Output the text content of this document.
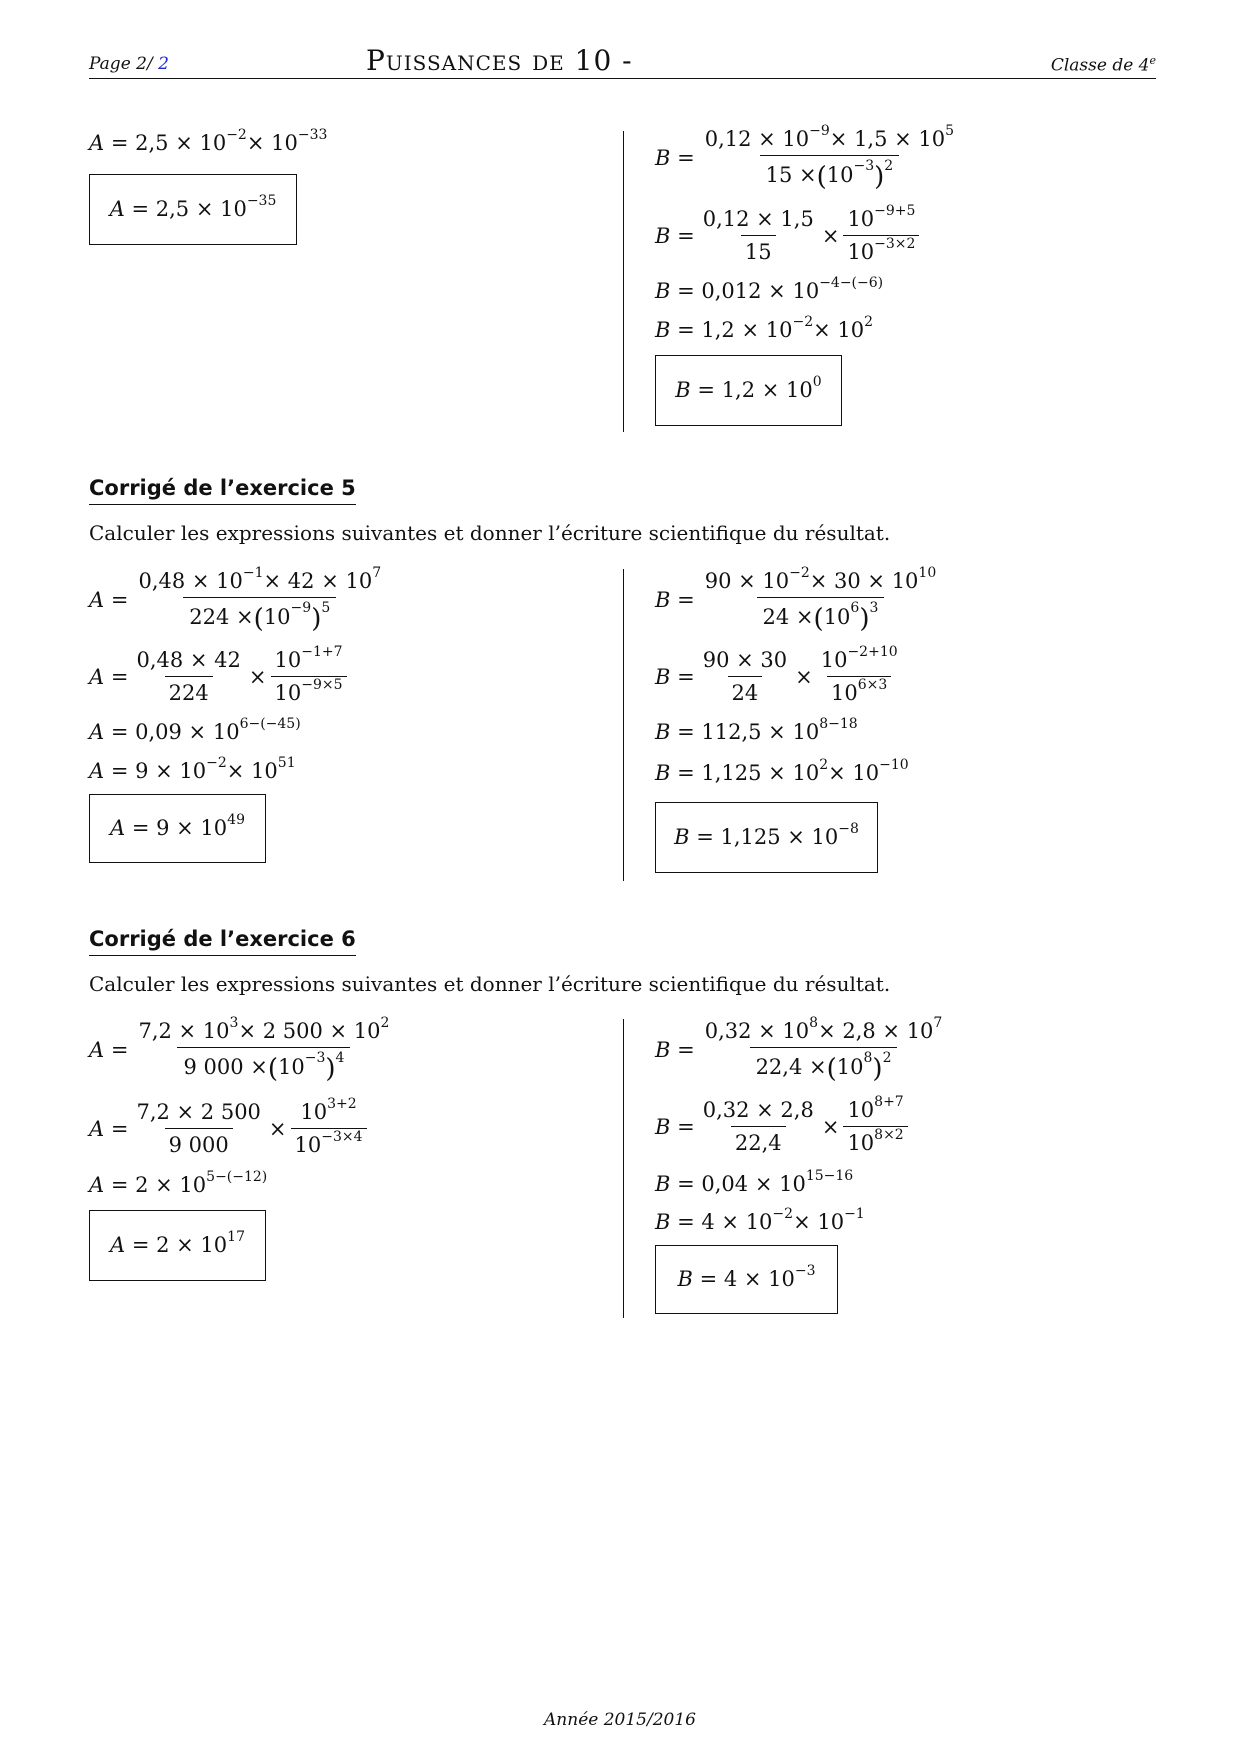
Page 2/ 2	Puissances de 10 -	Classe de 4e
A = 2,5 × 10 −2 × 10 −33
A = 2,5 × 10 −35
$B = \frac{0,12 \times 10 -9 \times 1,5 \times 10 5}{15 \times ( 10 -3 ) 2}$
$B = \frac{0,12 \times 1,5}{15} \times \frac{10 -9+5}{10 -3\times 2}$
B = 0,012 × 10 −4−(−6)
B = 1,2 × 10 −2 × 10 2
B = 1,2 × 10 0
Corrigé de l’exercice 5
Calculer les expressions suivantes et donner l’écriture scientifique du résultat.
$A = \frac{0,48 \times 10 -1 \times 42 \times 10 7}{224 \times ( 10 -9 ) 5}$
$A = \frac{0,48 \times 42}{224} \times \frac{10 -1+7}{10 -9\times 5}$
A = 0,09 × 10 6−(−45)
A = 9 × 10 −2 × 10 51
A = 9 × 10 49
$B = \frac{90 \times 10 -2 \times 30 \times 10 10}{24 \times ( 10 6 ) 3}$
$B = \frac{90 \times 30}{24} \times \frac{10 -2+10}{10 6\times 3}$
B = 112,5 × 10 8−18
B = 1,125 × 10 2 × 10 −10
B = 1,125 × 10 −8
Corrigé de l’exercice 6
Calculer les expressions suivantes et donner l’écriture scientifique du résultat.
$A = \frac{7,2 \times 10 3 \times 2 500 \times 10 2}{9 000 \times ( 10 -3 ) 4}$
$A = \frac{7,2 \times 2 500}{9 000} \times \frac{10 3+2}{10 -3\times 4}$
A = 2 × 10 5−(−12)
A = 2 × 10 17
$B = \frac{0,32 \times 10 8 \times 2,8 \times 10 7}{22,4 \times ( 10 8 ) 2}$
$B = \frac{0,32 \times 2,8}{22,4} \times \frac{10 8+7}{10 8\times 2}$
B = 0,04 × 10 15−16
B = 4 × 10 −2 × 10 −1
B = 4 × 10 −3
Année 2015/2016
